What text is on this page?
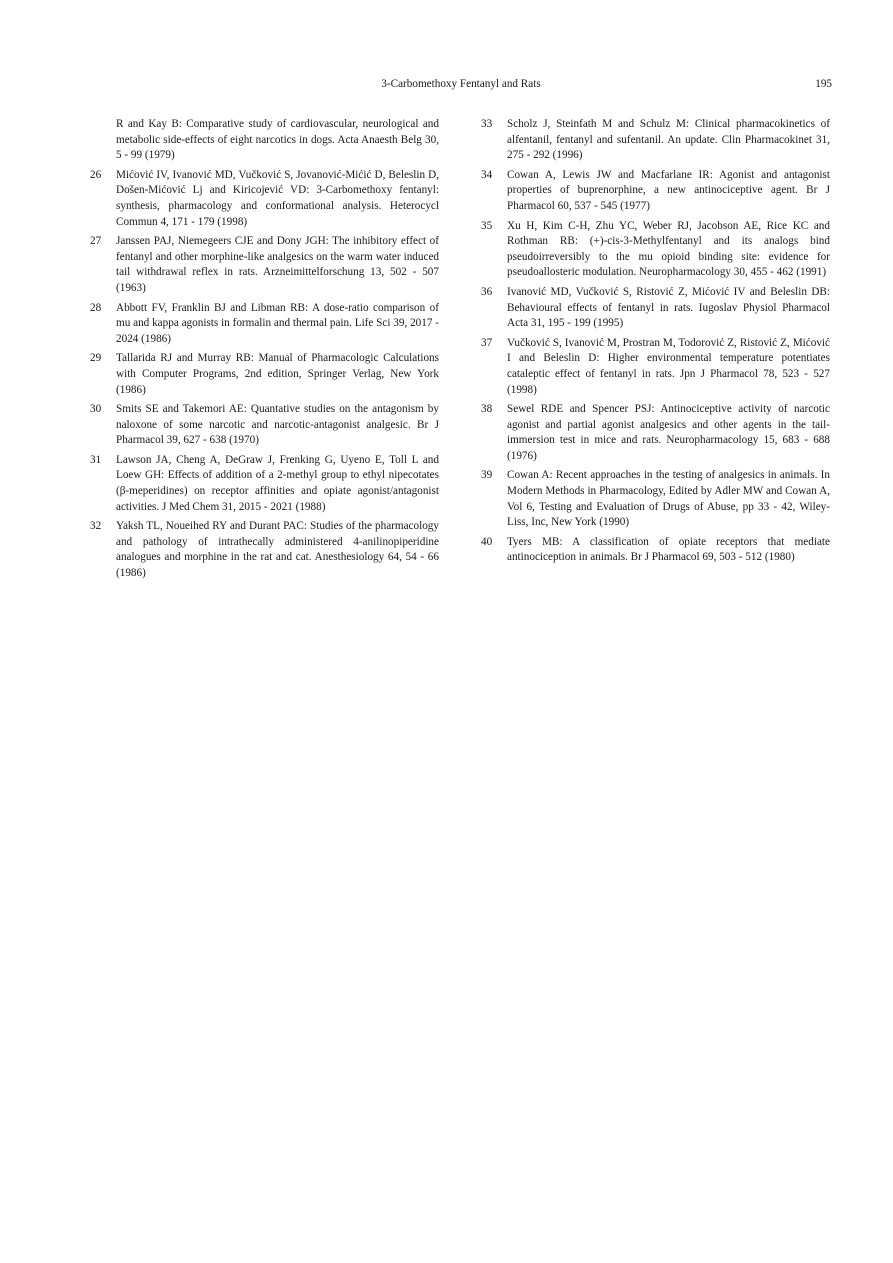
3-Carbomethoxy Fentanyl and Rats	195
R and Kay B: Comparative study of cardiovascular, neurological and metabolic side-effects of eight narcotics in dogs. Acta Anaesth Belg 30, 5 - 99 (1979)
26	Mićović IV, Ivanović MD, Vučković S, Jovanović-Mićić D, Beleslin D, Došen-Mićović Lj and Kiricojević VD: 3-Carbomethoxy fentanyl: synthesis, pharmacology and conformational analysis. Heterocycl Commun 4, 171 - 179 (1998)
27	Janssen PAJ, Niemegeers CJE and Dony JGH: The inhibitory effect of fentanyl and other morphine-like analgesics on the warm water induced tail withdrawal reflex in rats. Arzneimittelforschung 13, 502 - 507 (1963)
28	Abbott FV, Franklin BJ and Libman RB: A dose-ratio comparison of mu and kappa agonists in formalin and thermal pain. Life Sci 39, 2017 - 2024 (1986)
29	Tallarida RJ and Murray RB: Manual of Pharmacologic Calculations with Computer Programs, 2nd edition, Springer Verlag, New York (1986)
30	Smits SE and Takemori AE: Quantative studies on the antagonism by naloxone of some narcotic and narcotic-antagonist analgesic. Br J Pharmacol 39, 627 - 638 (1970)
31	Lawson JA, Cheng A, DeGraw J, Frenking G, Uyeno E, Toll L and Loew GH: Effects of addition of a 2-methyl group to ethyl nipecotates (β-meperidines) on receptor affinities and opiate agonist/antagonist activities. J Med Chem 31, 2015 - 2021 (1988)
32	Yaksh TL, Noueihed RY and Durant PAC: Studies of the pharmacology and pathology of intrathecally administered 4-anilinopiperidine analogues and morphine in the rat and cat. Anesthesiology 64, 54 - 66 (1986)
33	Scholz J, Steinfath M and Schulz M: Clinical pharmacokinetics of alfentanil, fentanyl and sufentanil. An update. Clin Pharmacokinet 31, 275 - 292 (1996)
34	Cowan A, Lewis JW and Macfarlane IR: Agonist and antagonist properties of buprenorphine, a new antinociceptive agent. Br J Pharmacol 60, 537 - 545 (1977)
35	Xu H, Kim C-H, Zhu YC, Weber RJ, Jacobson AE, Rice KC and Rothman RB: (+)-cis-3-Methylfentanyl and its analogs bind pseudoirreversibly to the mu opioid binding site: evidence for pseudoallosteric modulation. Neuropharmacology 30, 455 - 462 (1991)
36	Ivanović MD, Vučković S, Ristović Z, Mićović IV and Beleslin DB: Behavioural effects of fentanyl in rats. Iugoslav Physiol Pharmacol Acta 31, 195 - 199 (1995)
37	Vučković S, Ivanović M, Prostran M, Todorović Z, Ristović Z, Mićović I and Beleslin D: Higher environmental temperature potentiates cataleptic effect of fentanyl in rats. Jpn J Pharmacol 78, 523 - 527 (1998)
38	Sewel RDE and Spencer PSJ: Antinociceptive activity of narcotic agonist and partial agonist analgesics and other agents in the tail-immersion test in mice and rats. Neuropharmacology 15, 683 - 688 (1976)
39	Cowan A: Recent approaches in the testing of analgesics in animals. In Modern Methods in Pharmacology, Edited by Adler MW and Cowan A, Vol 6, Testing and Evaluation of Drugs of Abuse, pp 33 - 42, Wiley-Liss, Inc, New York (1990)
40	Tyers MB: A classification of opiate receptors that mediate antinociception in animals. Br J Pharmacol 69, 503 - 512 (1980)
